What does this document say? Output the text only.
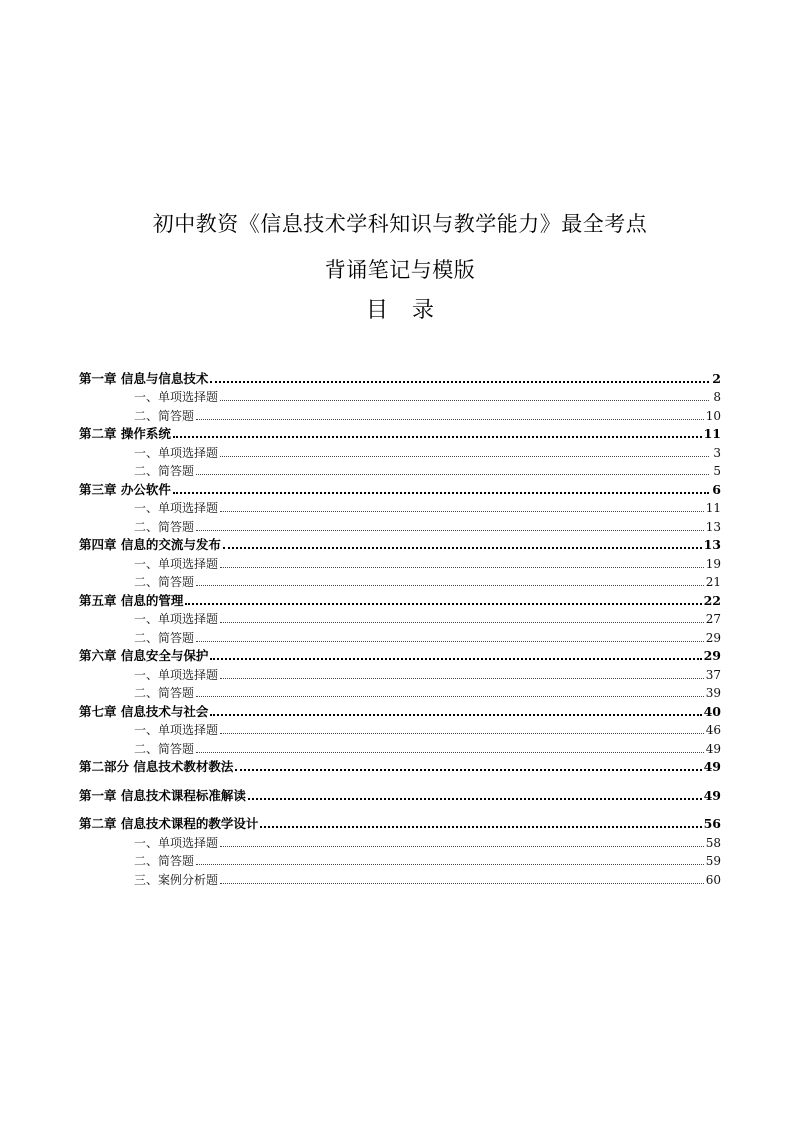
初中教资《信息技术学科知识与教学能力》最全考点
背诵笔记与模版
目录
第一章 信息与信息技术	2
一、单项选择题	8
二、简答题	10
第二章 操作系统	11
一、单项选择题	3
二、简答题	5
第三章 办公软件	6
一、单项选择题	11
二、简答题	13
第四章 信息的交流与发布	13
一、单项选择题	19
二、简答题	21
第五章 信息的管理	22
一、单项选择题	27
二、简答题	29
第六章 信息安全与保护	29
一、单项选择题	37
二、简答题	39
第七章 信息技术与社会	40
一、单项选择题	46
二、简答题	49
第二部分 信息技术教材教法	49
第一章 信息技术课程标准解读	49
第二章 信息技术课程的教学设计	56
一、单项选择题	58
二、简答题	59
三、案例分析题	60
